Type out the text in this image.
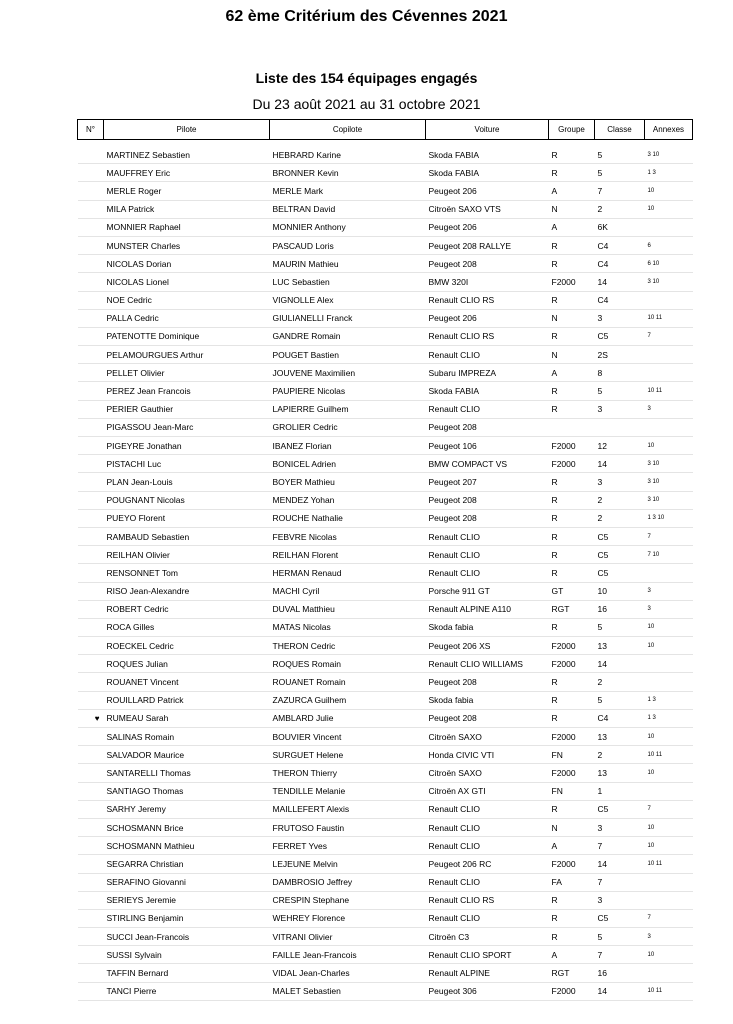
62 ème Critérium des Cévennes 2021
Liste des 154 équipages engagés
Du 23 août 2021 au 31 octobre 2021
N°	Pilote	Copilote	Voiture	Groupe	Classe	Annexes

	MARTINEZ Sebastien	HEBRARD Karine	Skoda FABIA	R	5	3 10
	MAUFFREY Eric	BRONNER Kevin	Skoda FABIA	R	5	1 3
	MERLE Roger	MERLE Mark	Peugeot 206	A	7	10
	MILA Patrick	BELTRAN David	Citroën SAXO VTS	N	2	10
	MONNIER Raphael	MONNIER Anthony	Peugeot 206	A	6K	
	MUNSTER Charles	PASCAUD Loris	Peugeot 208 RALLYE	R	C4	6
	NICOLAS Dorian	MAURIN Mathieu	Peugeot 208	R	C4	6 10
	NICOLAS Lionel	LUC Sebastien	BMW 320I	F2000	14	3 10
	NOE Cedric	VIGNOLLE Alex	Renault CLIO RS	R	C4	
	PALLA Cedric	GIULIANELLI Franck	Peugeot 206	N	3	10 11
	PATENOTTE Dominique	GANDRE Romain	Renault CLIO RS	R	C5	7
	PELAMOURGUES Arthur	POUGET Bastien	Renault CLIO	N	2S	
	PELLET Olivier	JOUVENE Maximilien	Subaru IMPREZA	A	8	
	PEREZ Jean Francois	PAUPIERE Nicolas	Skoda FABIA	R	5	10 11
	PERIER Gauthier	LAPIERRE Guilhem	Renault CLIO	R	3	3
	PIGASSOU Jean-Marc	GROLIER Cedric	Peugeot 208			
	PIGEYRE Jonathan	IBANEZ Florian	Peugeot 106	F2000	12	10
	PISTACHI Luc	BONICEL Adrien	BMW COMPACT VS	F2000	14	3 10
	PLAN Jean-Louis	BOYER Mathieu	Peugeot 207	R	3	3 10
	POUGNANT Nicolas	MENDEZ Yohan	Peugeot 208	R	2	3 10
	PUEYO Florent	ROUCHE Nathalie	Peugeot 208	R	2	1 3 10
	RAMBAUD Sebastien	FEBVRE Nicolas	Renault CLIO	R	C5	7
	REILHAN Olivier	REILHAN Florent	Renault CLIO	R	C5	7 10
	RENSONNET Tom	HERMAN Renaud	Renault CLIO	R	C5	
	RISO Jean-Alexandre	MACHI Cyril	Porsche 911 GT	GT	10	3
	ROBERT Cedric	DUVAL Matthieu	Renault ALPINE A110	RGT	16	3
	ROCA Gilles	MATAS Nicolas	Skoda fabia	R	5	10
	ROECKEL Cedric	THERON Cedric	Peugeot 206 XS	F2000	13	10
	ROQUES Julian	ROQUES Romain	Renault CLIO WILLIAMS	F2000	14	
	ROUANET Vincent	ROUANET Romain	Peugeot 208	R	2	
	ROUILLARD Patrick	ZAZURCA Guilhem	Skoda fabia	R	5	1 3
♥	RUMEAU Sarah	AMBLARD Julie	Peugeot 208	R	C4	1 3
	SALINAS Romain	BOUVIER Vincent	Citroën SAXO	F2000	13	10
	SALVADOR Maurice	SURGUET Helene	Honda CIVIC VTI	FN	2	10 11
	SANTARELLI Thomas	THERON Thierry	Citroën SAXO	F2000	13	10
	SANTIAGO Thomas	TENDILLE Melanie	Citroën AX GTI	FN	1	
	SARHY Jeremy	MAILLEFERT Alexis	Renault CLIO	R	C5	7
	SCHOSMANN Brice	FRUTOSO Faustin	Renault CLIO	N	3	10
	SCHOSMANN Mathieu	FERRET Yves	Renault CLIO	A	7	10
	SEGARRA Christian	LEJEUNE Melvin	Peugeot 206 RC	F2000	14	10 11
	SERAFINO Giovanni	DAMBROSIO Jeffrey	Renault CLIO	FA	7	
	SERIEYS Jeremie	CRESPIN Stephane	Renault CLIO RS	R	3	
	STIRLING Benjamin	WEHREY Florence	Renault CLIO	R	C5	7
	SUCCI Jean-Francois	VITRANI Olivier	Citroën C3	R	5	3
	SUSSI Sylvain	FAILLE Jean-Francois	Renault CLIO SPORT	A	7	10
	TAFFIN Bernard	VIDAL Jean-Charles	Renault ALPINE	RGT	16	
	TANCI Pierre	MALET Sebastien	Peugeot 306	F2000	14	10 11
